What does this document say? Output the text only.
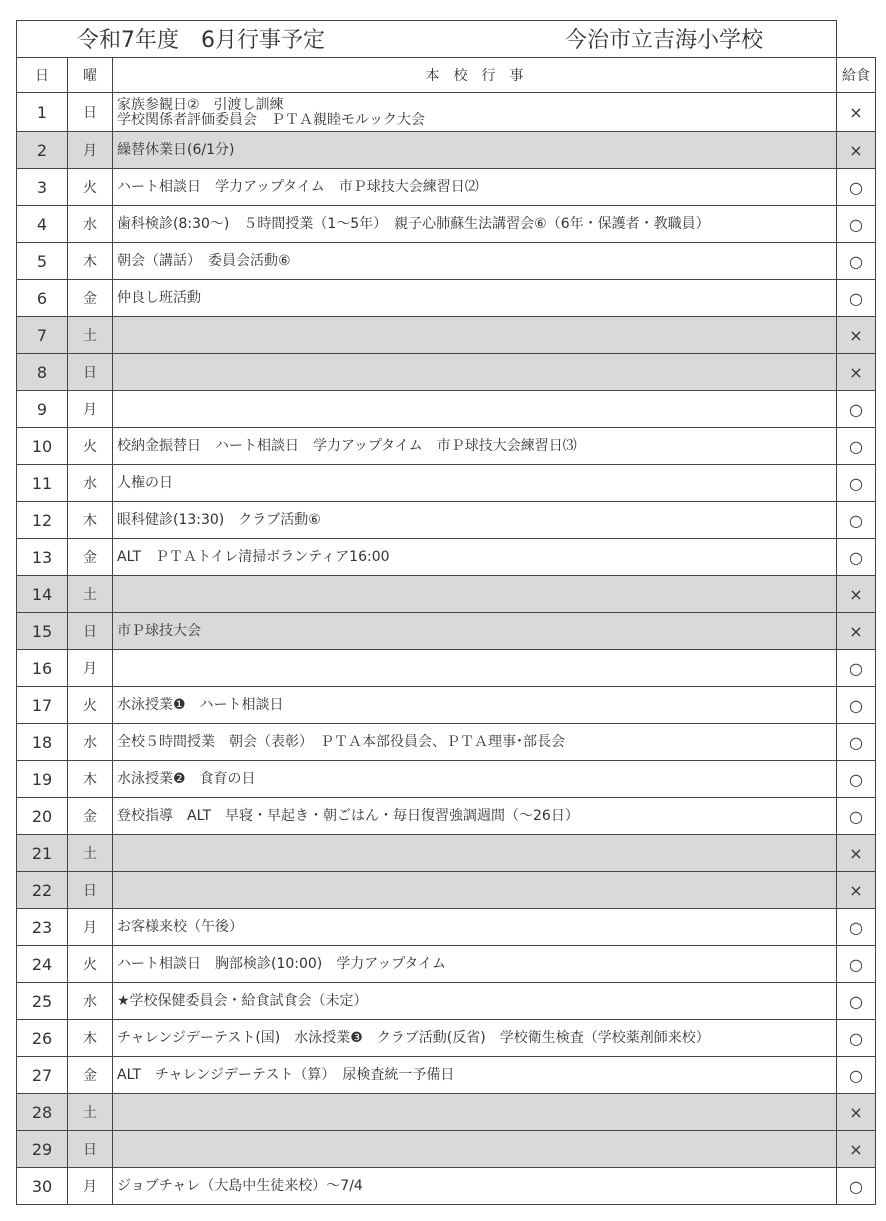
令和7年度　6月行事予定 今治市立吉海小学校			

日	曜	本　校　行　事	給食
1	日	家族参観日②　引渡し訓練
学校関係者評価委員会　ＰＴＡ親睦モルック大会	×
2	月	繰替休業日(6/1分)	×
3	火	ハート相談日　学力アップタイム　市Ｐ球技大会練習日⑵	○
4	水	歯科検診(8:30～)　５時間授業（1～5年）　親子心肺蘇生法講習会⑥（6年・保護者・教職員）	○
5	木	朝会（講話）　委員会活動⑥	○
6	金	仲良し班活動	○
7	土		×
8	日		×
9	月		○
10	火	校納金振替日　ハート相談日　学力アップタイム　市Ｐ球技大会練習日⑶	○
11	水	人権の日	○
12	木	眼科健診(13:30)　クラブ活動⑥	○
13	金	ALT　ＰＴＡトイレ清掃ボランティア16:00	○
14	土		×
15	日	市Ｐ球技大会	×
16	月		○
17	火	水泳授業❶　ハート相談日	○
18	水	全校５時間授業　朝会（表彰）　ＰＴＡ本部役員会、ＰＴＡ理事･部長会	○
19	木	水泳授業❷　食育の日	○
20	金	登校指導　ALT　早寝・早起き・朝ごはん・毎日復習強調週間（～26日）	○
21	土		×
22	日		×
23	月	お客様来校（午後）	○
24	火	ハート相談日　胸部検診(10:00)　学力アップタイム	○
25	水	★学校保健委員会・給食試食会（未定）	○
26	木	チャレンジデーテスト(国)　水泳授業❸　クラブ活動(反省)　学校衛生検査（学校薬剤師来校）	○
27	金	ALT　チャレンジデーテスト（算）　尿検査統一予備日	○
28	土		×
29	日		×
30	月	ジョブチャレ（大島中生徒来校）～7/4	○
